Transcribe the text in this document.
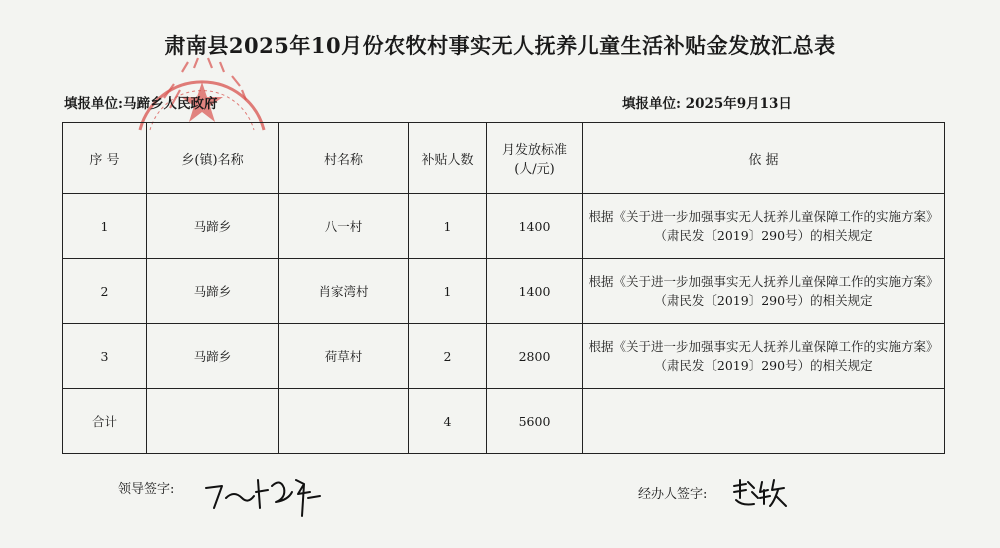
肃南县2025年10月份农牧村事实无人抚养儿童生活补贴金发放汇总表
填报单位:马蹄乡人民政府	填报单位: 2025年9月13日
序 号	乡(镇)名称	村名称	补贴人数	月发放标准(人/元)	依 据
1	马蹄乡	八一村	1	1400	根据《关于进一步加强事实无人抚养儿童保障工作的实施方案》
（肃民发〔2019〕290号）的相关规定

2	马蹄乡	肖家湾村	1	1400	根据《关于进一步加强事实无人抚养儿童保障工作的实施方案》
（肃民发〔2019〕290号）的相关规定

3	马蹄乡	荷草村	2	2800	根据《关于进一步加强事实无人抚养儿童保障工作的实施方案》
（肃民发〔2019〕290号）的相关规定

合计			4	5600	
领导签字:	经办人签字:
